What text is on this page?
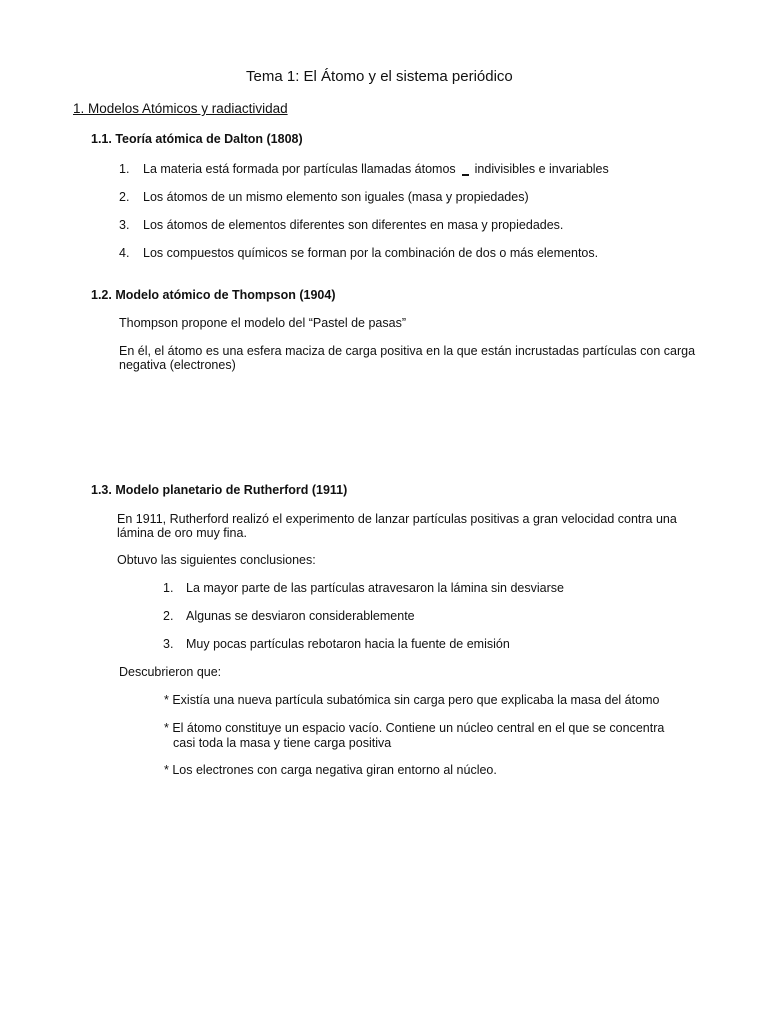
Tema 1: El Átomo y el sistema periódico
1. Modelos Atómicos y radiactividad
1.1. Teoría atómica de Dalton (1808)
1. La materia está formada por partículas llamadas átomos indivisibles e invariables
2. Los átomos de un mismo elemento son iguales (masa y propiedades)
3. Los átomos de elementos diferentes son diferentes en masa y propiedades.
4. Los compuestos químicos se forman por la combinación de dos o más elementos.
1.2. Modelo atómico de Thompson (1904)
Thompson propone el modelo del “Pastel de pasas”
En él, el átomo es una esfera maciza de carga positiva en la que están incrustadas partículas con carga negativa (electrones)
1.3. Modelo planetario de Rutherford (1911)
En 1911, Rutherford realizó el experimento de lanzar partículas positivas a gran velocidad contra una lámina de oro muy fina.
Obtuvo las siguientes conclusiones:
1. La mayor parte de las partículas atravesaron la lámina sin desviarse
2. Algunas se desviaron considerablemente
3. Muy pocas partículas rebotaron hacia la fuente de emisión
Descubrieron que:
* Existía una nueva partícula subatómica sin carga pero que explicaba la masa del átomo
* El átomo constituye un espacio vacío. Contiene un núcleo central en el que se concentra
casi toda la masa y tiene carga positiva
* Los electrones con carga negativa giran entorno al núcleo.
